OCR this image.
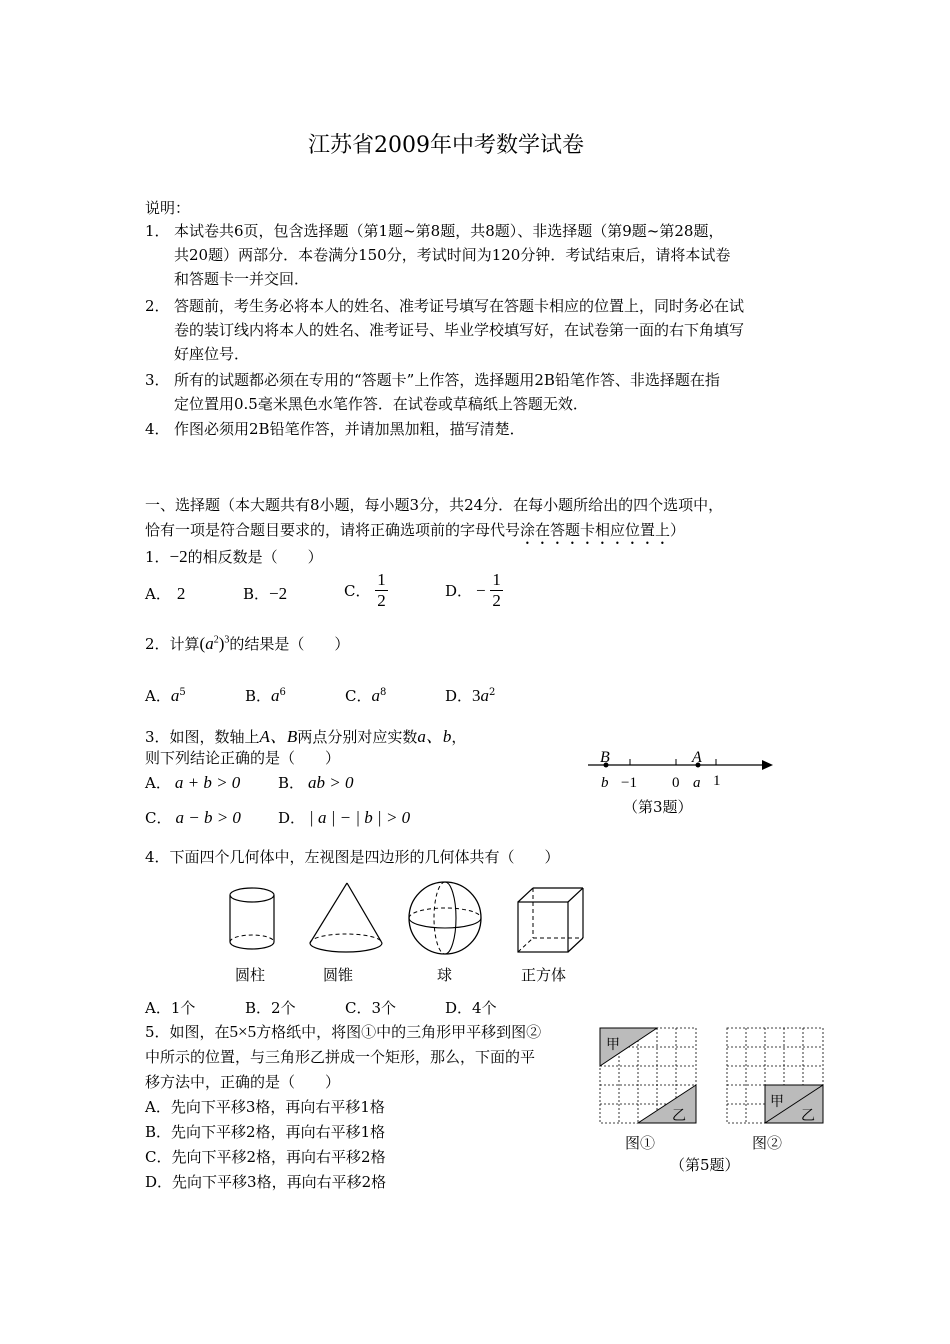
江苏省2009年中考数学试卷
说明：
1． 本试卷共6页，包含选择题（第1题~第8题，共8题）、非选择题（第9题~第28题，
共20题）两部分．本卷满分150分，考试时间为120分钟．考试结束后，请将本试卷
和答题卡一并交回．
2． 答题前，考生务必将本人的姓名、准考证号填写在答题卡相应的位置上，同时务必在试
卷的装订线内将本人的姓名、准考证号、毕业学校填写好，在试卷第一面的右下角填写
好座位号．
3． 所有的试题都必须在专用的“答题卡”上作答，选择题用2B铅笔作答、非选择题在指
定位置用0.5毫米黑色水笔作答．在试卷或草稿纸上答题无效．
4． 作图必须用2B铅笔作答，并请加黑加粗，描写清楚．
一、选择题（本大题共有8小题，每小题3分，共24分．在每小题所给出的四个选项中，
恰有一项是符合题目要求的，请将正确选项前的字母代号涂在答题卡相应位置上）
1．−2的相反数是（　　）
A． 2	B．−2	C． $\frac{1}{2}$	D． − $\frac{1}{2}$
2．计算$(a^2)^3$的结果是（　　）
A．$a^5$	B．$a^6$	C．$a^8$	D．$3a^2$
3．如图，数轴上A、B两点分别对应实数a、b，
则下列结论正确的是（　　）
A． a + b > 0	B． ab > 0
C． a − b > 0 D． | a | − | b | > 0
B	A
b −1 0 a 1
（第3题）
4．下面四个几何体中，左视图是四边形的几何体共有（　　）
圆柱	圆锥	球	正方体
A．1个	B．2个	C．3个	D．4个
5．如图，在5×5方格纸中，将图①中的三角形甲平移到图②
中所示的位置，与三角形乙拼成一个矩形，那么，下面的平
移方法中，正确的是（　　）
A．先向下平移3格，再向右平移1格
B．先向下平移2格，再向右平移1格
C．先向下平移2格，再向右平移2格
D．先向下平移3格，再向右平移2格
甲
乙
甲
乙
图①	图②
（第5题）
